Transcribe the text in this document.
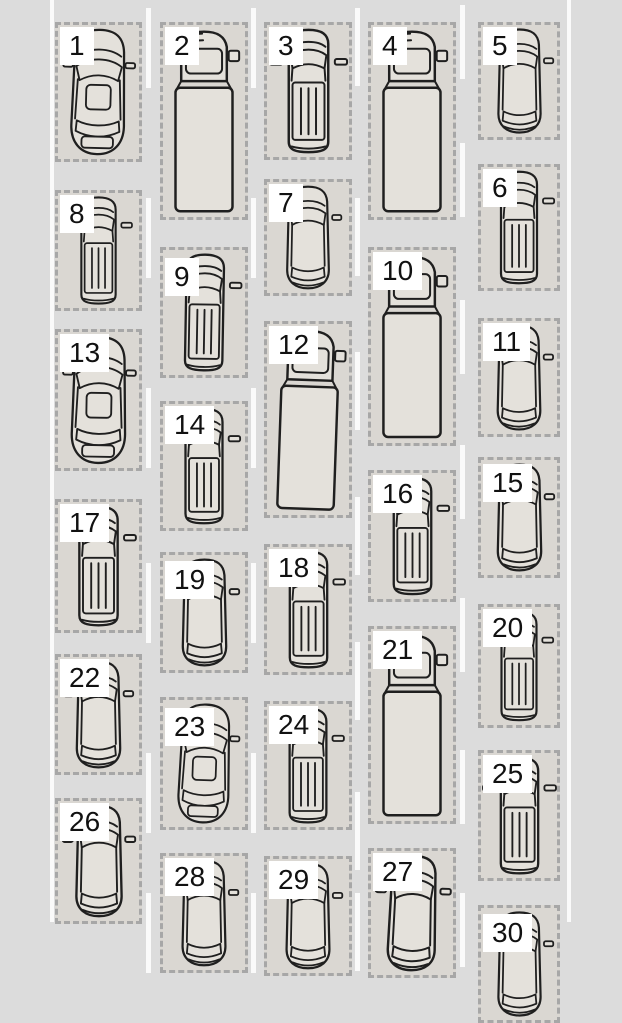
1	2	3	4	5
6
7
8
9	10
11
12
13
14
15
16
17
18
19
20
21
22
23	24
25
26
27
28	29
30
